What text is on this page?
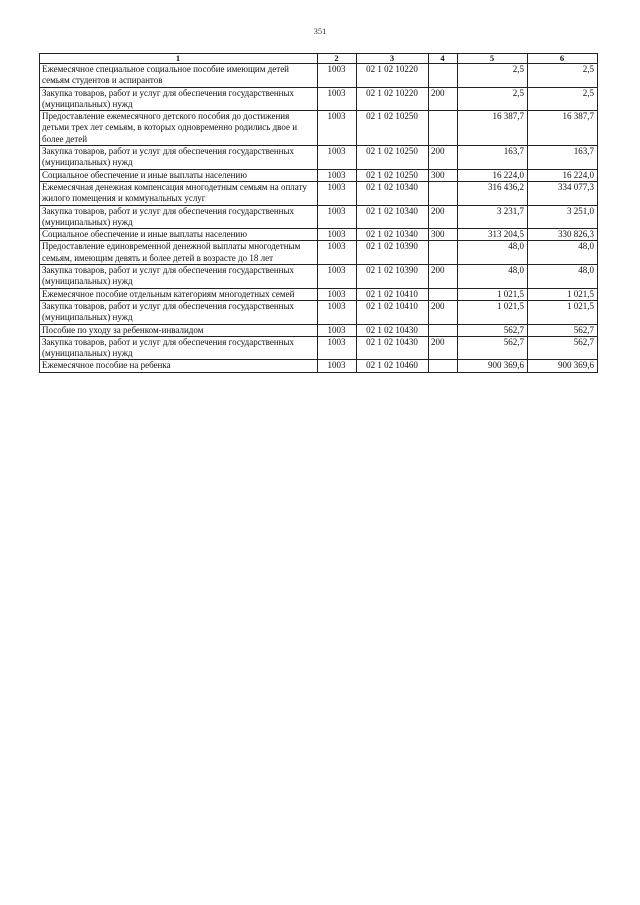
351
1	2	3	4	5	6
Ежемесячное специальное социальное пособие имеющим детей семьям студентов и аспирантов	1003	02 1 02 10220		2,5	2,5
Закупка товаров, работ и услуг для обеспечения государственных (муниципальных) нужд	1003	02 1 02 10220	200	2,5	2,5
Предоставление ежемесячного детского пособия до достижения детьми трех лет семьям, в которых одновременно родились двое и более детей	1003	02 1 02 10250		16 387,7	16 387,7
Закупка товаров, работ и услуг для обеспечения государственных (муниципальных) нужд	1003	02 1 02 10250	200	163,7	163,7
Социальное обеспечение и иные выплаты населению	1003	02 1 02 10250	300	16 224,0	16 224,0
Ежемесячная денежная компенсация многодетным семьям на оплату жилого помещения и коммунальных услуг	1003	02 1 02 10340		316 436,2	334 077,3
Закупка товаров, работ и услуг для обеспечения государственных (муниципальных) нужд	1003	02 1 02 10340	200	3 231,7	3 251,0
Социальное обеспечение и иные выплаты населению	1003	02 1 02 10340	300	313 204,5	330 826,3
Предоставление единовременной денежной выплаты многодетным семьям, имеющим девять и более детей в возрасте до 18 лет	1003	02 1 02 10390		48,0	48,0
Закупка товаров, работ и услуг для обеспечения государственных (муниципальных) нужд	1003	02 1 02 10390	200	48,0	48,0
Ежемесячное пособие отдельным категориям многодетных семей	1003	02 1 02 10410		1 021,5	1 021,5
Закупка товаров, работ и услуг для обеспечения государственных (муниципальных) нужд	1003	02 1 02 10410	200	1 021,5	1 021,5
Пособие по уходу за ребенком-инвалидом	1003	02 1 02 10430		562,7	562,7
Закупка товаров, работ и услуг для обеспечения государственных (муниципальных) нужд	1003	02 1 02 10430	200	562,7	562,7
Ежемесячное пособие на ребенка	1003	02 1 02 10460		900 369,6	900 369,6
